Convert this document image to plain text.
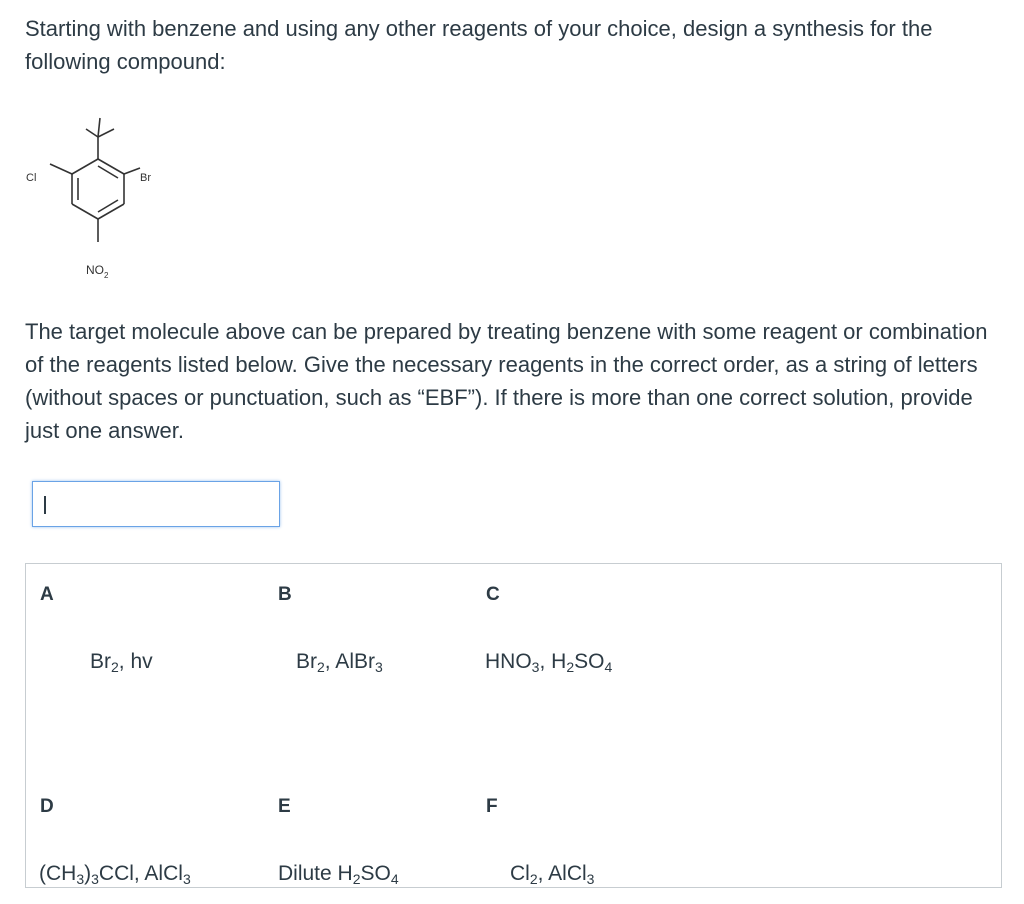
Starting with benzene and using any other reagents of your choice, design a synthesis for the following compound:

Cl	Br
$NO_2$

The target molecule above can be prepared by treating benzene with some reagent or combination of the reagents listed below. Give the necessary reagents in the correct order, as a string of letters (without spaces or punctuation, such as “EBF”). If there is more than one correct solution, provide just one answer.

A
$Br_2$, hv
B
$Br_2$, AlBr$_3$
C
$HNO_3$, $H_2SO_4$
D
$(CH_3)_3CCl$, AlCl$_3$
E
Dilute $H_2SO_4$
F
$Cl_2$, AlCl$_3$
